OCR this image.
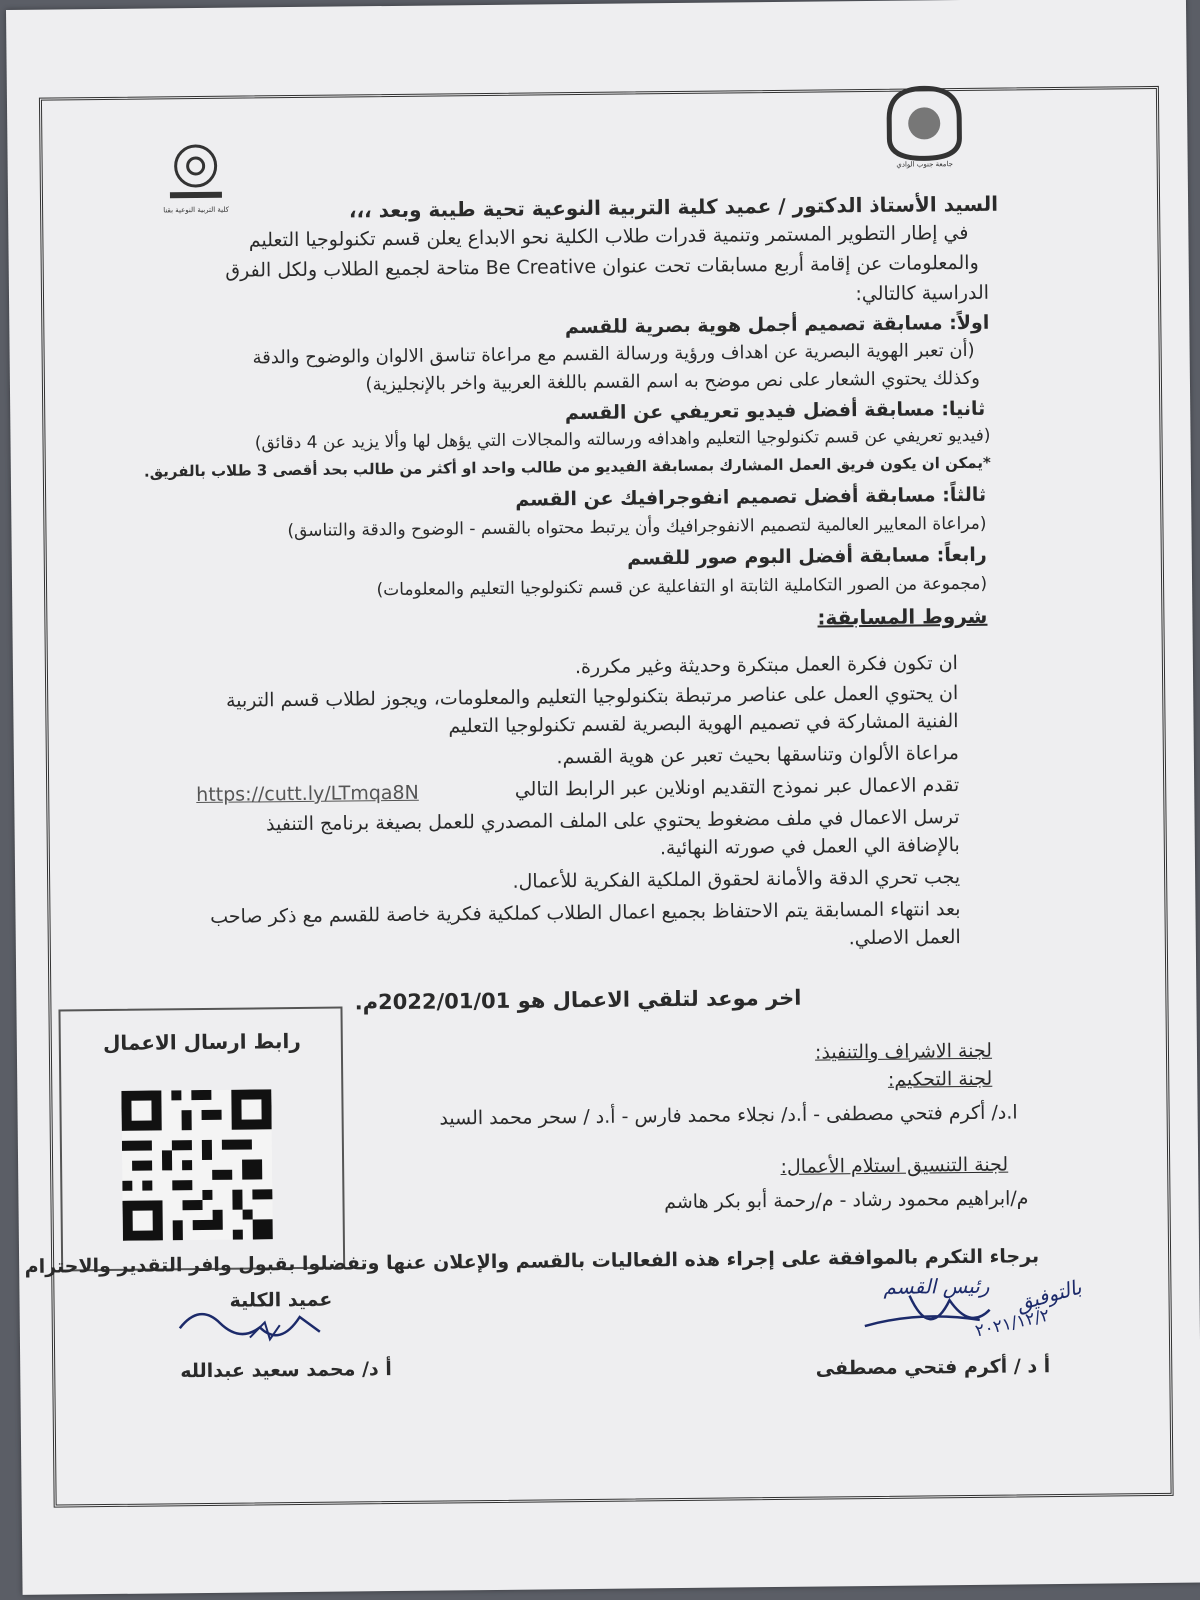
كلية التربية النوعية بقنا
جامعة جنوب الوادي
السيد الأستاذ الدكتور / عميد كلية التربية النوعية تحية طيبة وبعد ،،،
في إطار التطوير المستمر وتنمية قدرات طلاب الكلية نحو الابداع يعلن قسم تكنولوجيا التعليم
والمعلومات عن إقامة أربع مسابقات تحت عنوان Be Creative متاحة لجميع الطلاب ولكل الفرق
الدراسية كالتالي:
اولاً: مسابقة تصميم أجمل هوية بصرية للقسم
(أن تعبر الهوية البصرية عن اهداف ورؤية ورسالة القسم مع مراعاة تناسق الالوان والوضوح والدقة
وكذلك يحتوي الشعار على نص موضح به اسم القسم باللغة العربية واخر بالإنجليزية)
ثانيا: مسابقة أفضل فيديو تعريفي عن القسم
(فيديو تعريفي عن قسم تكنولوجيا التعليم واهدافه ورسالته والمجالات التي يؤهل لها وألا يزيد عن 4 دقائق)
*يمكن ان يكون فريق العمل المشارك بمسابقة الفيديو من طالب واحد او أكثر من طالب بحد أقصى 3 طلاب بالفريق.
ثالثاً: مسابقة أفضل تصميم انفوجرافيك عن القسم
(مراعاة المعايير العالمية لتصميم الانفوجرافيك وأن يرتبط محتواه بالقسم - الوضوح والدقة والتناسق)
رابعاً: مسابقة أفضل البوم صور للقسم
(مجموعة من الصور التكاملية الثابتة او التفاعلية عن قسم تكنولوجيا التعليم والمعلومات)
شروط المسابقة:
ان تكون فكرة العمل مبتكرة وحديثة وغير مكررة.
ان يحتوي العمل على عناصر مرتبطة بتكنولوجيا التعليم والمعلومات، ويجوز لطلاب قسم التربية
الفنية المشاركة في تصميم الهوية البصرية لقسم تكنولوجيا التعليم
مراعاة الألوان وتناسقها بحيث تعبر عن هوية القسم.
تقدم الاعمال عبر نموذج التقديم اونلاين عبر الرابط التالي
https://cutt.ly/LTmqa8N
ترسل الاعمال في ملف مضغوط يحتوي على الملف المصدري للعمل بصيغة برنامج التنفيذ
بالإضافة الي العمل في صورته النهائية.
يجب تحري الدقة والأمانة لحقوق الملكية الفكرية للأعمال.
بعد انتهاء المسابقة يتم الاحتفاظ بجميع اعمال الطلاب كملكية فكرية خاصة للقسم مع ذكر صاحب
العمل الاصلي.
اخر موعد لتلقي الاعمال هو 2022/01/01م.
رابط ارسال الاعمال	لجنة الاشراف والتنفيذ:
لجنة التحكيم:
ا.د/ أكرم فتحي مصطفى - أ.د/ نجلاء محمد فارس - أ.د / سحر محمد السيد
لجنة التنسيق استلام الأعمال:
م/ابراهيم محمود رشاد - م/رحمة أبو بكر هاشم
برجاء التكرم بالموافقة على إجراء هذه الفعاليات بالقسم والإعلان عنها وتفضلوا بقبول وافر التقدير والاحترام
عميد الكلية
أ د/ محمد سعيد عبدالله
رئيس القسم بالتوفيق
٢٠٢١/١٢/٢
أ د / أكرم فتحي مصطفى
